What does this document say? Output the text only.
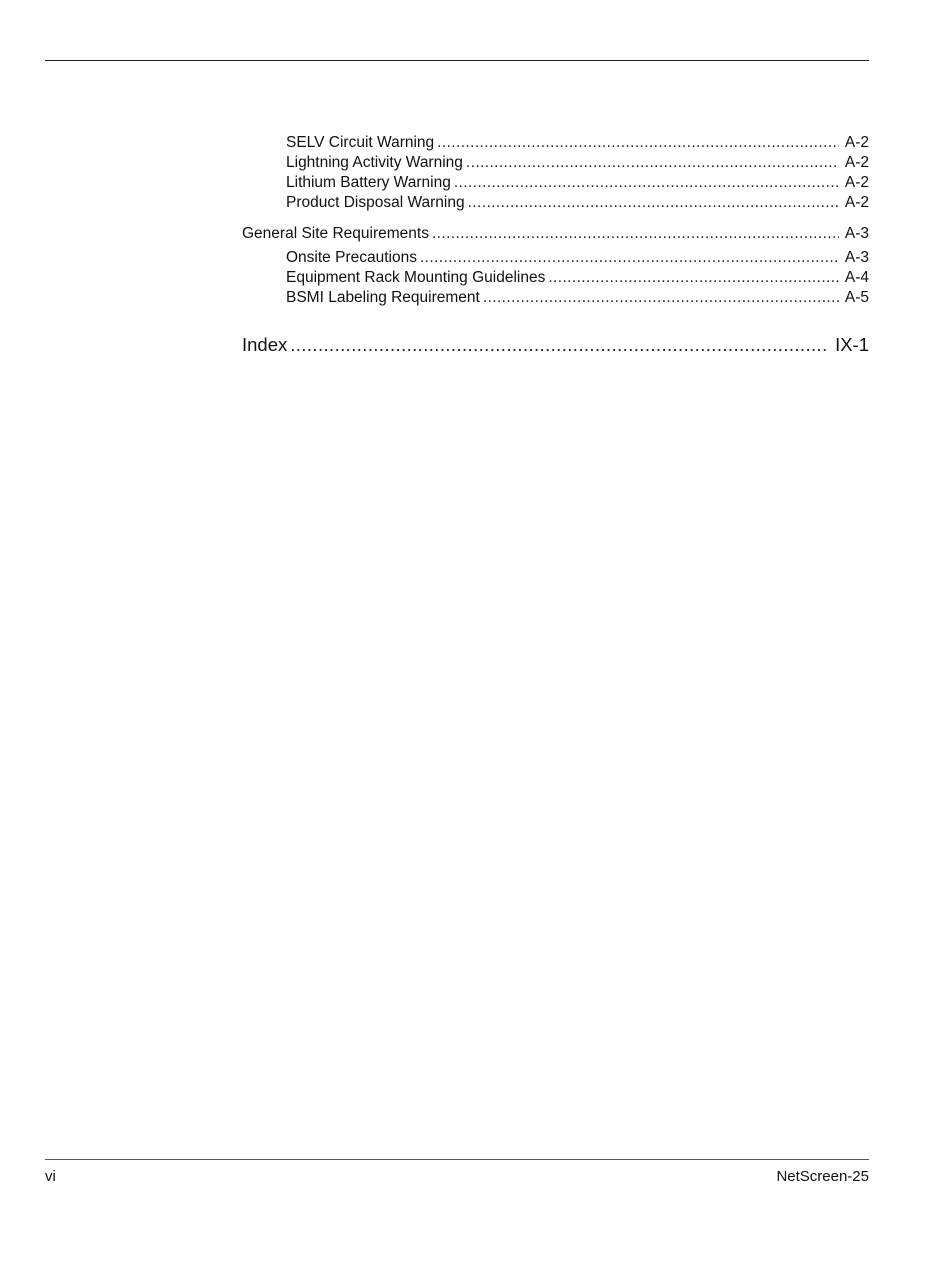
SELV Circuit Warning .....	A-2
Lightning Activity Warning .....	A-2
Lithium Battery Warning .....	A-2
Product Disposal Warning .....	A-2
General Site Requirements .....	A-3
Onsite Precautions .....	A-3
Equipment Rack Mounting Guidelines .....	A-4
BSMI Labeling Requirement .....	A-5
Index .....	IX-1
vi	NetScreen-25
